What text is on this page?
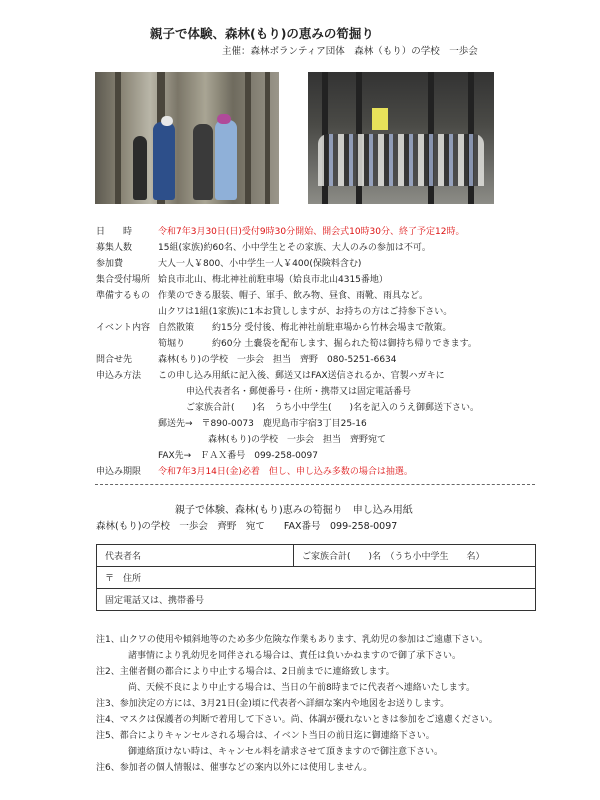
親子で体験、森林(もり)の恵みの筍掘り
主催：森林ボランティア団体　森林（もり）の学校　一歩会
日　　時	令和7年3月30日(日)受付9時30分開始、開会式10時30分、終了予定12時。
募集人数	15組(家族)約60名、小中学生とその家族、大人のみの参加は不可。
参加費	大人一人￥800、小中学生一人￥400(保険料含む)
集合受付場所 姶良市北山、梅北神社前駐車場（姶良市北山4315番地）
準備するもの 作業のできる服装、帽子、軍手、飲み物、昼食、雨靴、雨具など。
山クワは1組(1家族)に1本お貸ししますが、お持ちの方はご持参下さい。
イベント内容 自然散策　　約15分 受付後、梅北神社前駐車場から竹林会場まで散策。
筍堀り　　　約60分 土嚢袋を配布します、掘られた筍は御持ち帰りできます。
問合せ先	森林(もり)の学校　一歩会　担当　齊野　080-5251-6634
申込み方法 この申し込み用紙に記入後、郵送又はFAX送信されるか、官製ハガキに
申込代表者名・郵便番号・住所・携帯又は固定電話番号
ご家族合計(　　)名　うち小中学生(　　)名を記入のうえ御郵送下さい。
郵送先→　〒890-0073　鹿児島市宇宿3丁目25-16
森林(もり)の学校　一歩会　担当　齊野宛て
FAX先→　ＦＡＸ番号　099-258-0097
申込み期限 令和7年3月14日(金)必着　但し、申し込み多数の場合は抽選。
親子で体験、森林(もり)恵みの筍掘り　申し込み用紙
森林(もり)の学校　一歩会　齊野　宛て　　FAX番号　099-258-0097
代表者名	ご家族合計(　　)名　（うち小中学生　　名）
〒　住所
固定電話又は、携帯番号
注1、山クワの使用や傾斜地等のため多少危険な作業もあります、乳幼児の参加はご遠慮下さい。
　　諸事情により乳幼児を同伴される場合は、責任は負いかねますので御了承下さい。
注2、主催者側の都合により中止する場合は、2日前までに連絡致します。
　　尚、天候不良により中止する場合は、当日の午前8時までに代表者へ連絡いたします。
注3、参加決定の方には、3月21日(金)頃に代表者へ詳細な案内や地図をお送りします。
注4、マスクは保護者の判断で着用して下さい。尚、体調が優れないときは参加をご遠慮ください。
注5、都合によりキャンセルされる場合は、イベント当日の前日迄に御連絡下さい。
　　御連絡頂けない時は、キャンセル料を請求させて頂きますので御注意下さい。
注6、参加者の個人情報は、催事などの案内以外には使用しません。
